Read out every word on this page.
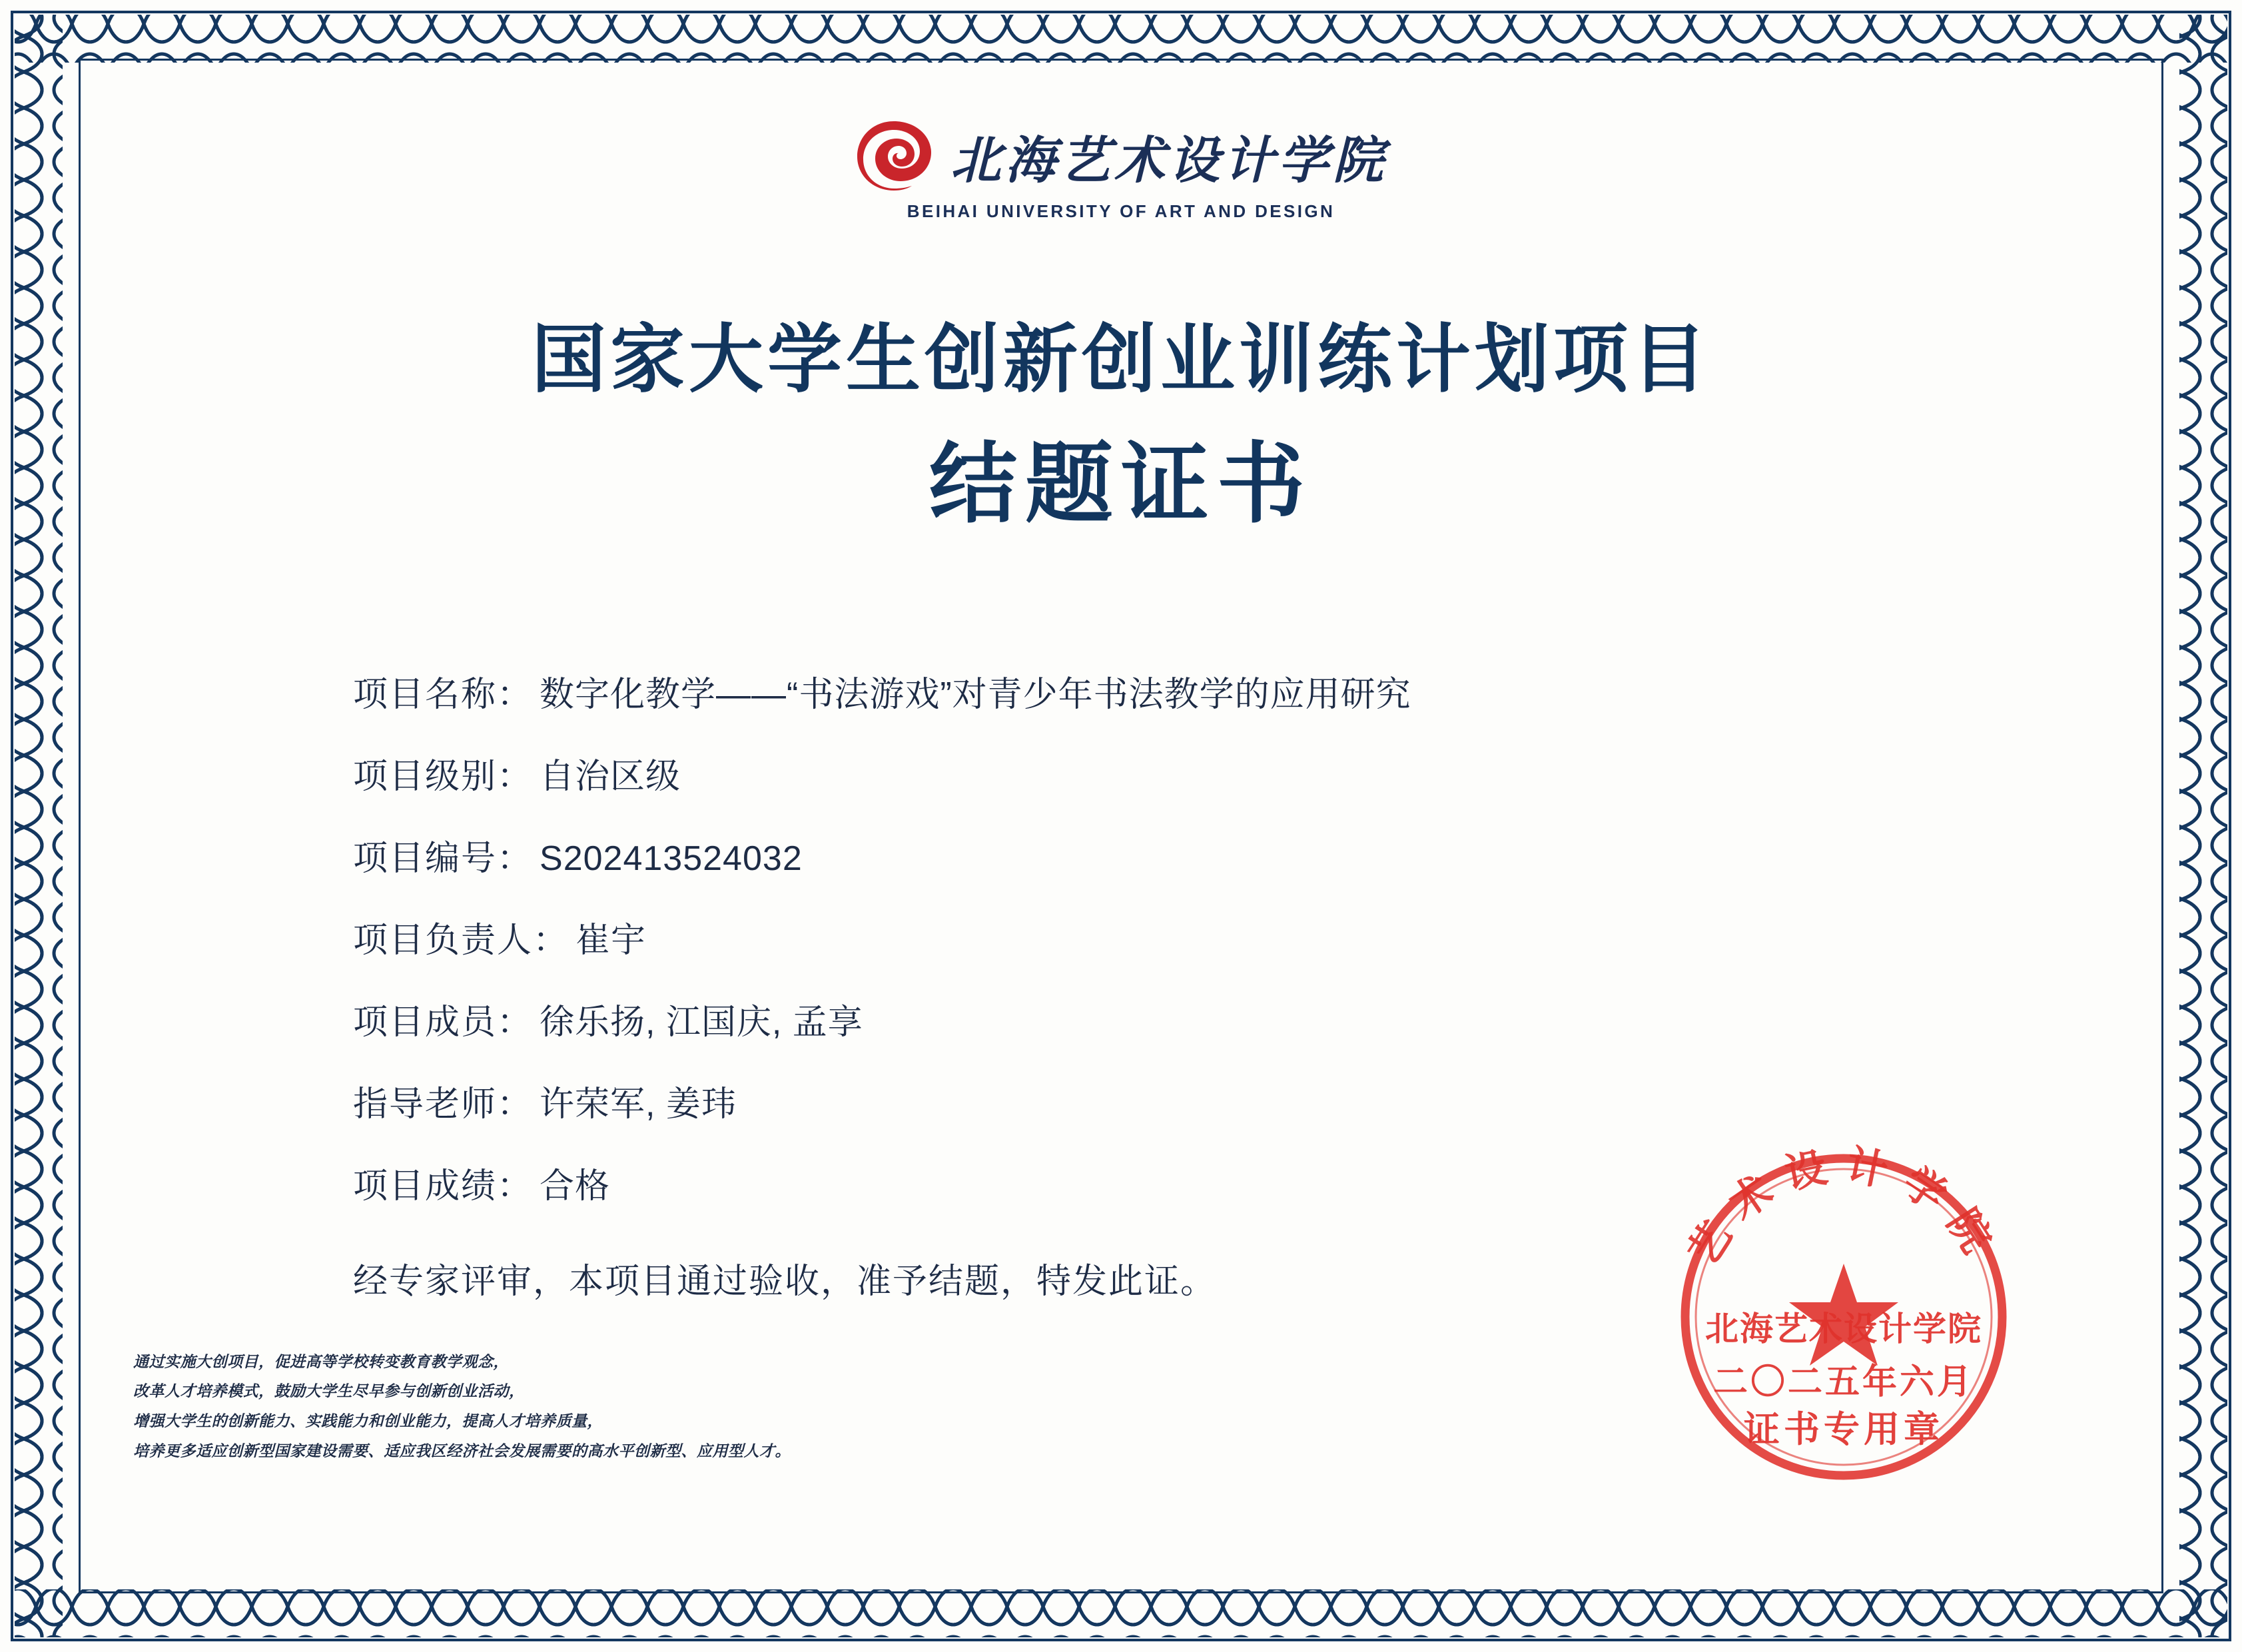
北海艺术设计学院
BEIHAI UNIVERSITY OF ART AND DESIGN
国家大学生创新创业训练计划项目
结题证书
项目名称： 数字化教学——“书法游戏”对青少年书法教学的应用研究
项目级别： 自治区级
项目编号： S202413524032
项目负责人： 崔宇
项目成员： 徐乐扬, 江国庆, 孟享
指导老师： 许荣军, 姜玮
项目成绩： 合格
经专家评审，本项目通过验收，准予结题，特发此证。
通过实施大创项目，促进高等学校转变教育教学观念，
改革人才培养模式，鼓励大学生尽早参与创新创业活动，
增强大学生的创新能力、实践能力和创业能力，提高人才培养质量，
培养更多适应创新型国家建设需要、适应我区经济社会发展需要的高水平创新型、应用型人才。
艺术设计学院
北海艺术设计学院
二〇二五年六月
证书专用章
